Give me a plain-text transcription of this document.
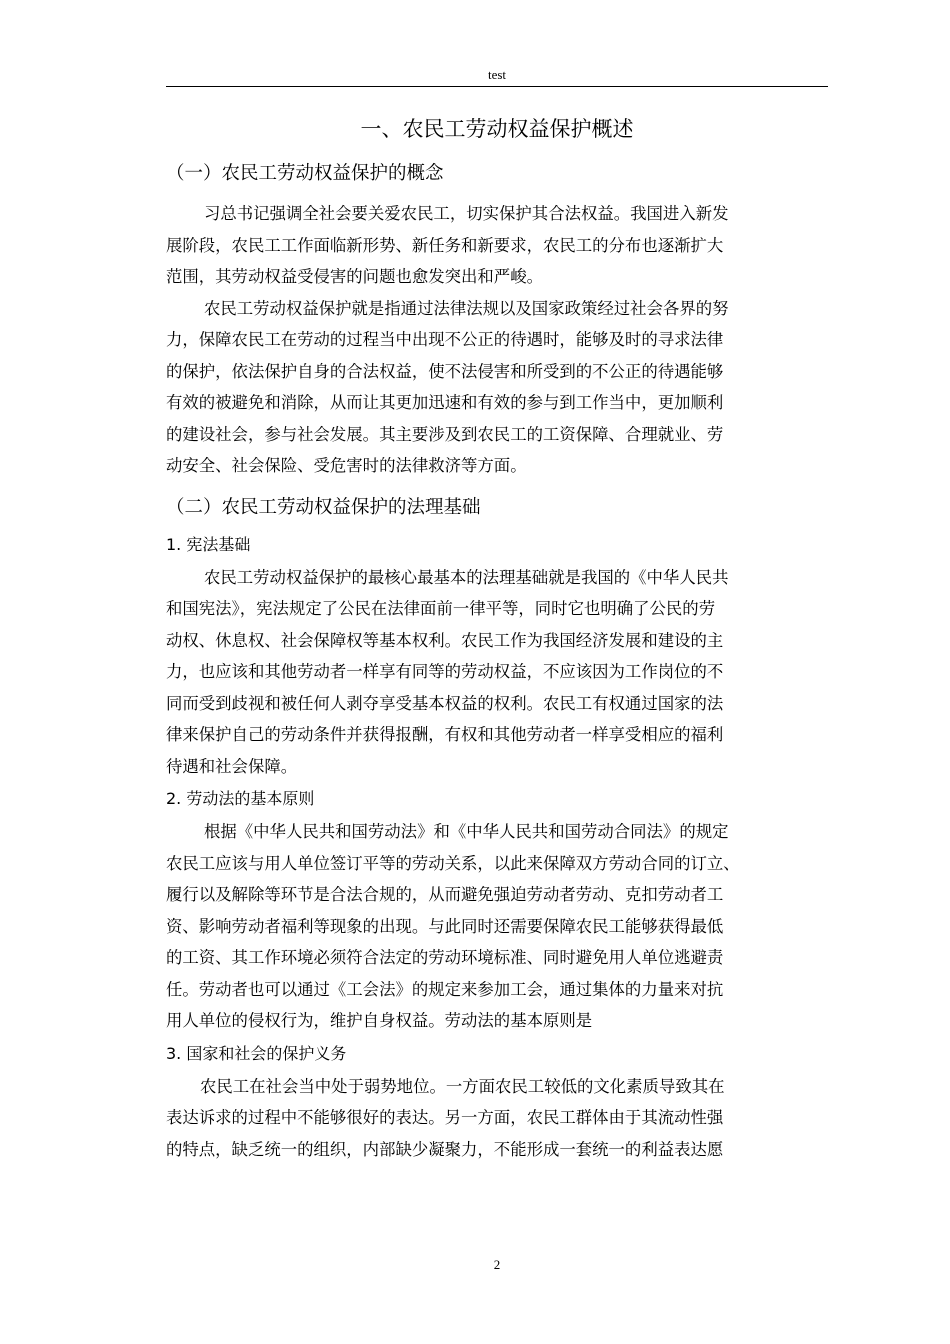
test
一、农民工劳动权益保护概述
（一）农民工劳动权益保护的概念

习总书记强调全社会要关爱农民工，切实保护其合法权益。我国进入新发
展阶段，农民工工作面临新形势、新任务和新要求，农民工的分布也逐渐扩大
范围，其劳动权益受侵害的问题也愈发突出和严峻。

农民工劳动权益保护就是指通过法律法规以及国家政策经过社会各界的努
力，保障农民工在劳动的过程当中出现不公正的待遇时，能够及时的寻求法律
的保护，依法保护自身的合法权益，使不法侵害和所受到的不公正的待遇能够
有效的被避免和消除，从而让其更加迅速和有效的参与到工作当中，更加顺利
的建设社会，参与社会发展。其主要涉及到农民工的工资保障、合理就业、劳
动安全、社会保险、受危害时的法律救济等方面。

（二）农民工劳动权益保护的法理基础
1. 宪法基础

农民工劳动权益保护的最核心最基本的法理基础就是我国的《中华人民共
和国宪法》，宪法规定了公民在法律面前一律平等，同时它也明确了公民的劳
动权、休息权、社会保障权等基本权利。农民工作为我国经济发展和建设的主
力，也应该和其他劳动者一样享有同等的劳动权益，不应该因为工作岗位的不
同而受到歧视和被任何人剥夺享受基本权益的权利。农民工有权通过国家的法
律来保护自己的劳动条件并获得报酬，有权和其他劳动者一样享受相应的福利
待遇和社会保障。

2. 劳动法的基本原则

根据《中华人民共和国劳动法》和《中华人民共和国劳动合同法》的规定
农民工应该与用人单位签订平等的劳动关系，以此来保障双方劳动合同的订立、
履行以及解除等环节是合法合规的，从而避免强迫劳动者劳动、克扣劳动者工
资、影响劳动者福利等现象的出现。与此同时还需要保障农民工能够获得最低
的工资、其工作环境必须符合法定的劳动环境标准、同时避免用人单位逃避责
任。劳动者也可以通过《工会法》的规定来参加工会，通过集体的力量来对抗
用人单位的侵权行为，维护自身权益。劳动法的基本原则是

3. 国家和社会的保护义务

农民工在社会当中处于弱势地位。一方面农民工较低的文化素质导致其在
表达诉求的过程中不能够很好的表达。另一方面，农民工群体由于其流动性强
的特点，缺乏统一的组织，内部缺少凝聚力，不能形成一套统一的利益表达愿

2
